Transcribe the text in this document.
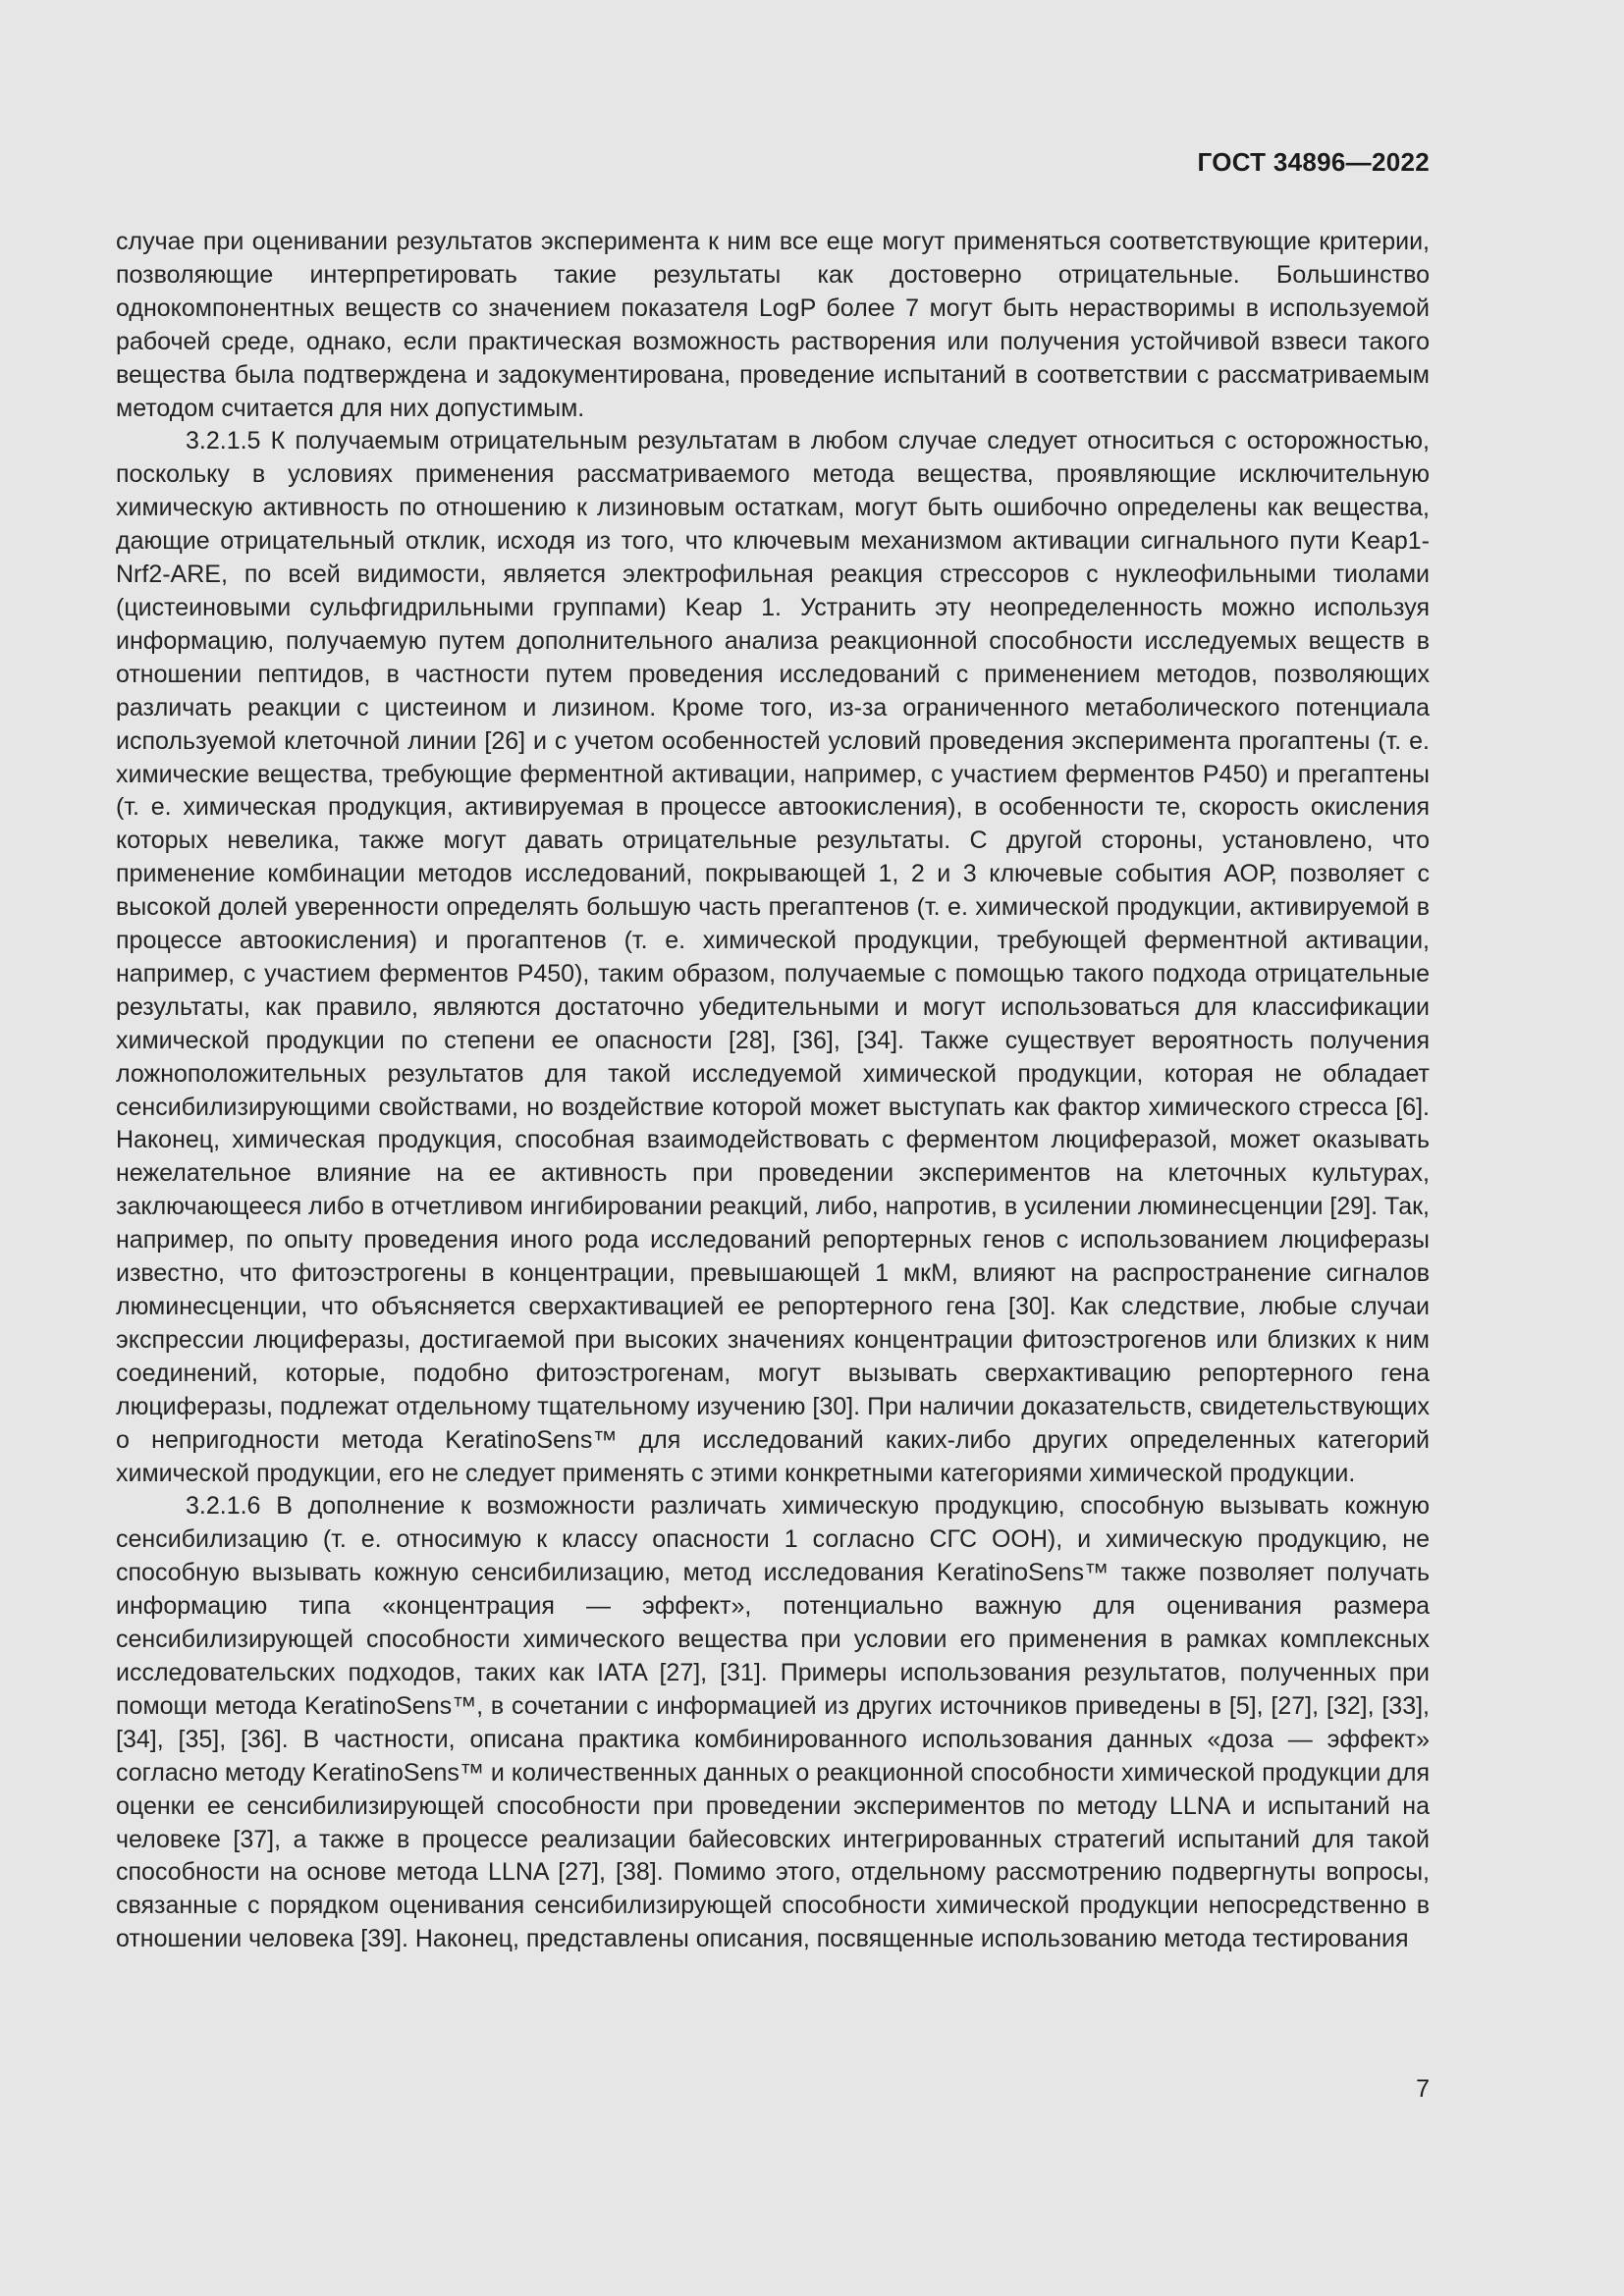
ГОСТ 34896—2022

случае при оценивании результатов эксперимента к ним все еще могут применяться соответствующие критерии, позволяющие интерпретировать такие результаты как достоверно отрицательные. Большинство однокомпонентных веществ со значением показателя LogP более 7 могут быть нерастворимы в используемой рабочей среде, однако, если практическая возможность растворения или получения устойчивой взвеси такого вещества была подтверждена и задокументирована, проведение испытаний в соответствии с рассматриваемым методом считается для них допустимым.

3.2.1.5 К получаемым отрицательным результатам в любом случае следует относиться с осторожностью, поскольку в условиях применения рассматриваемого метода вещества, проявляющие исключительную химическую активность по отношению к лизиновым остаткам, могут быть ошибочно определены как вещества, дающие отрицательный отклик, исходя из того, что ключевым механизмом активации сигнального пути Keap1-Nrf2-ARE, по всей видимости, является электрофильная реакция стрессоров с нуклеофильными тиолами (цистеиновыми сульфгидрильными группами) Keap 1. Устранить эту неопределенность можно используя информацию, получаемую путем дополнительного анализа реакционной способности исследуемых веществ в отношении пептидов, в частности путем проведения исследований с применением методов, позволяющих различать реакции с цистеином и лизином. Кроме того, из-за ограниченного метаболического потенциала используемой клеточной линии [26] и с учетом особенностей условий проведения эксперимента прогаптены (т. е. химические вещества, требующие ферментной активации, например, с участием ферментов P450) и прегаптены (т. е. химическая продукция, активируемая в процессе автоокисления), в особенности те, скорость окисления которых невелика, также могут давать отрицательные результаты. С другой стороны, установлено, что применение комбинации методов исследований, покрывающей 1, 2 и 3 ключевые события АОР, позволяет с высокой долей уверенности определять большую часть прегаптенов (т. е. химической продукции, активируемой в процессе автоокисления) и прогаптенов (т. е. химической продукции, требующей ферментной активации, например, с участием ферментов P450), таким образом, получаемые с помощью такого подхода отрицательные результаты, как правило, являются достаточно убедительными и могут использоваться для классификации химической продукции по степени ее опасности [28], [36], [34]. Также существует вероятность получения ложноположительных результатов для такой исследуемой химической продукции, которая не обладает сенсибилизирующими свойствами, но воздействие которой может выступать как фактор химического стресса [6]. Наконец, химическая продукция, способная взаимодействовать с ферментом люциферазой, может оказывать нежелательное влияние на ее активность при проведении экспериментов на клеточных культурах, заключающееся либо в отчетливом ингибировании реакций, либо, напротив, в усилении люминесценции [29]. Так, например, по опыту проведения иного рода исследований репортерных генов с использованием люциферазы известно, что фитоэстрогены в концентрации, превышающей 1 мкМ, влияют на распространение сигналов люминесценции, что объясняется сверхактивацией ее репортерного гена [30]. Как следствие, любые случаи экспрессии люциферазы, достигаемой при высоких значениях концентрации фитоэстрогенов или близких к ним соединений, которые, подобно фитоэстрогенам, могут вызывать сверхактивацию репортерного гена люциферазы, подлежат отдельному тщательному изучению [30]. При наличии доказательств, свидетельствующих о непригодности метода KeratinoSens™ для исследований каких-либо других определенных категорий химической продукции, его не следует применять с этими конкретными категориями химической продукции.

3.2.1.6 В дополнение к возможности различать химическую продукцию, способную вызывать кожную сенсибилизацию (т. е. относимую к классу опасности 1 согласно СГС ООН), и химическую продукцию, не способную вызывать кожную сенсибилизацию, метод исследования KeratinoSens™ также позволяет получать информацию типа «концентрация — эффект», потенциально важную для оценивания размера сенсибилизирующей способности химического вещества при условии его применения в рамках комплексных исследовательских подходов, таких как IATA [27], [31]. Примеры использования результатов, полученных при помощи метода KeratinoSens™, в сочетании с информацией из других источников приведены в [5], [27], [32], [33], [34], [35], [36]. В частности, описана практика комбинированного использования данных «доза — эффект» согласно методу KeratinoSens™ и количественных данных о реакционной способности химической продукции для оценки ее сенсибилизирующей способности при проведении экспериментов по методу LLNA и испытаний на человеке [37], а также в процессе реализации байесовских интегрированных стратегий испытаний для такой способности на основе метода LLNA [27], [38]. Помимо этого, отдельному рассмотрению подвергнуты вопросы, связанные с порядком оценивания сенсибилизирующей способности химической продукции непосредственно в отношении человека [39]. Наконец, представлены описания, посвященные использованию метода тестирования

7
